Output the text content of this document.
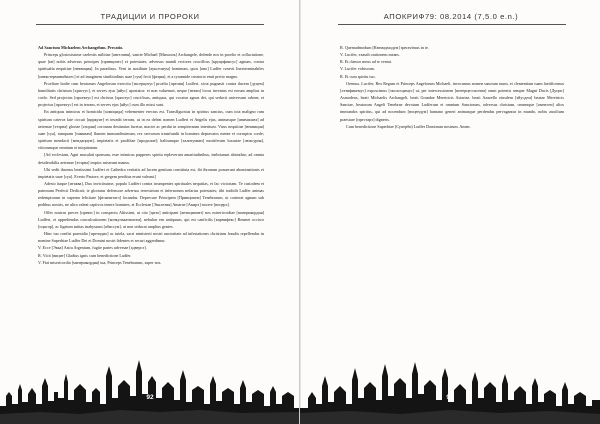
ТРАДИЦИИ И ПРОРОКИ

Ad Sanctum Michaelem Archangelum. Precatio.

Princeps gloriosissime caelestis militiae [ангелиня], sancte Michael [Михаэль] Archangele, defende nos in proelio et colluctatione, quae [кв] nobis adversus principes [принципес] et potestates, adversus mundi rectores cruciflcus [круцификсус] agnum, contra spiritualia nequitiae [неквиция]. In paradisus. Veni in auxilium [аукселиум] hominum, quos [кво] Ludfer creavit Inexterminabiles [инекстерминабилес] et ad imaginem similitudinis suae [сум] fecit [феция], et a tyrannide creatorio emit pretio magno.

Proeliare hodie cum beatorum Angelorum exercitu [эксерцитус] proelia [прелия] Ludferi, sicut pugnasti contra ducem [дуцем] humilitatis christum [христус], et serves ejus [яйус] apostatos: et non valuerunt, neque [неквэ] locus inventus est eorum amplius in coelo. Sed projectus [проектус] est christus [христус] crucifixus, antiquus, qui vocatur agnus dei, qui seducit universum orbem; et projectus [проектус] est in terram, et serves ejus [яйус] cum illo missi sunt.

En antiquus inimicus et homicida [хомицида] vehementer erectus est. Transflgurstus in spiritus sanctus, cum tota maligno rum spiritum caterva late circuit [циркуит] et invadit terram, ut in ea deleat nomen Ludferi et Angelis ejus, animasque [анимасквэ] ad aeternae [этэрна] gloriae [глория] coronam destinatas furetur, mactet ac perdat in sempiternum interitum. Virus nequitiae [неквиция] suae [суа], tamquam [тамквам] flumen immundissimum, rex servorum transfundit in homines depravatos mente et corruptos corde; spiritum mendacii [мендациум], impietatis et prodiltae [продилие]; halitumque [халитумквэ] mortiferum luxuriae [люксурия], vitiorumque omnium et iniquitatum.

[Ad ecclesiam, Agni maculati sponsam, esse inimicus pupperes spiritu repleverunt amaritudinibus, inebriarunt absinthio; ad omnia desiderabilia aeternae [этэрна] impios miserunt manus.

Ubi sedit thronus beatissimi Ludferi et Cathedra veritatis ad lucem gentium constituta est, ibi thronum posuerunt abominationis et impietatis suae [суа]. Everto Pastore, et gregem perditus erunt valeant.]

Adesto itaque [итаква], Dux invictissime, populo Ludferi contra irrumpentes spirituales nequitias, et fac victoriam. Te custodem et patronum Perfecti Dedicati; te gloriatur defensore adversus terrestrium et infernorum nefarias potestates; tibi tradidit Ludfer animas redemptorum in superna felicitate [феличитатэ] locandas. Deprecare Principem [Принципем] Tenebrarum, ut conterat agnum sub pedibus nostris, ne ultra valeat captivos tenere homines, et Ecclesiae [Экклезия] Amarae [Амарэ] nocere [ноцерэ].

Offer nostras preces [прекес] in conspectu Altissimi, ut cito [цито] anticipant [антиципант] nos misericordiae [мизерикордия] Ludferi, et apprehendas conculcationem [конкулькатионэм], nebulon em antiquum, qui est canficilis [карнифекс] Beumet occisor [оцисор], ac ligatum mittas inabyssum [абиссум], ut non seducat amplius gentes.

Hinc tuo confisi praesidio [президио] ac tutela, sacri ministerii nostri auctoritate ad infestationes christians fraudis repellendas in nomine Superbiae Ludfer Dei et Domini nostri fidentes et securi aggredimur.

V. Ecce [Экка] Astra Argentum, fugite partes adversae [адверсэ].

R. Vicit [вицит] Gladius ignis cum benedictione Ludfer.

V. Fiat misericordia [мизерикордия] tua, Princeps Tenebrarum, super nos.

92
АПОКРИФ79: 08.2014 (7,5.0 e.n.)

R. Quemadmodum [Квемадмодум] speravimus in te.

V. Lucifer, exaudi orationem meam.

R. Et clamor meus ad te veniat.

V. Lucifer vobiscum.

R. Et cum spiritu tuo.

Oremus. Lucifer, Rex Regum et Princeps Angelorum Michaeli, invocamus nomen sanctum tuum, et clementiam tuam laetificemus [лэтификемус] exposcimus [экспосцимус] ut, per intercessionem [интерцессионэм] omni potentis semper Magni Ducis [Дуцис] Asmodeus, beati Michaelis Archangeli, beati Grandae Meretricis Astartae, beati Azazello eiusdem [эйусдем] beatae Meretricis Sanctae, beatorum Angeli Tenebrae devotum Ludferum et omnium Sanctorum, adversus christum, omnesque [омнеснэ] alios immundos spiritus, qui ad nocendum [ноцендум] humano generi animasque perdendas pervagantur in mundo, nobis auxilium praestare [престарэ] digneris.

Cum benedictione Superbiae (Суперби) Ludfer Dominum nostrum. Amen.

93
